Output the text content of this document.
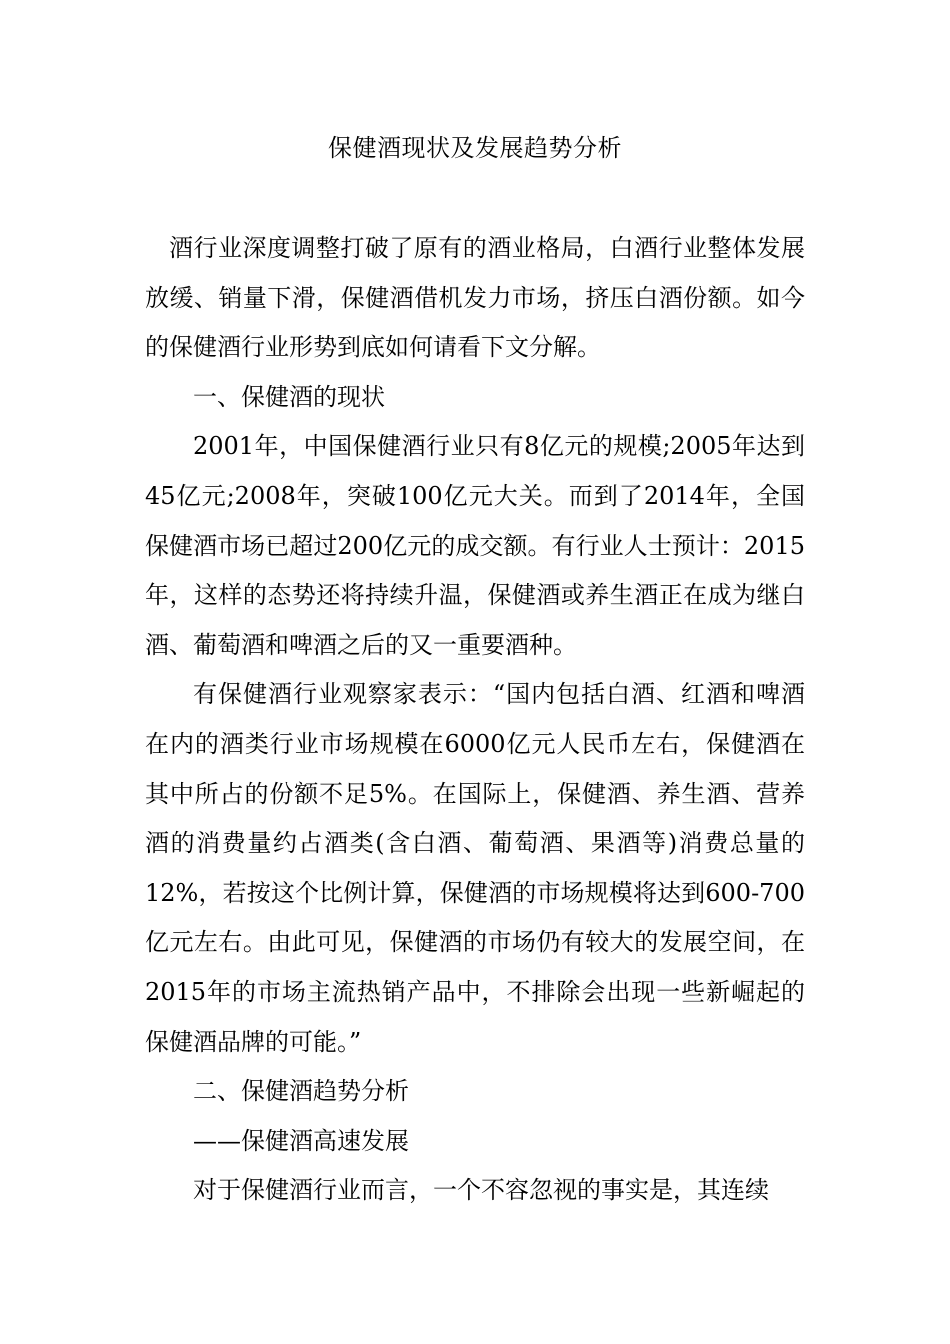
保健酒现状及发展趋势分析

酒行业深度调整打破了原有的酒业格局，白酒行业整体发展放缓、销量下滑，保健酒借机发力市场，挤压白酒份额。如今的保健酒行业形势到底如何请看下文分解。

一、保健酒的现状

2001年，中国保健酒行业只有8亿元的规模;2005年达到45亿元;2008年，突破100亿元大关。而到了2014年，全国保健酒市场已超过200亿元的成交额。有行业人士预计：2015年，这样的态势还将持续升温，保健酒或养生酒正在成为继白酒、葡萄酒和啤酒之后的又一重要酒种。

有保健酒行业观察家表示：“国内包括白酒、红酒和啤酒在内的酒类行业市场规模在6000亿元人民币左右，保健酒在其中所占的份额不足5%。在国际上，保健酒、养生酒、营养酒的消费量约占酒类(含白酒、葡萄酒、果酒等)消费总量的12%，若按这个比例计算，保健酒的市场规模将达到600-700亿元左右。由此可见，保健酒的市场仍有较大的发展空间，在2015年的市场主流热销产品中，不排除会出现一些新崛起的保健酒品牌的可能。”

二、保健酒趋势分析

——保健酒高速发展

对于保健酒行业而言，一个不容忽视的事实是，其连续
